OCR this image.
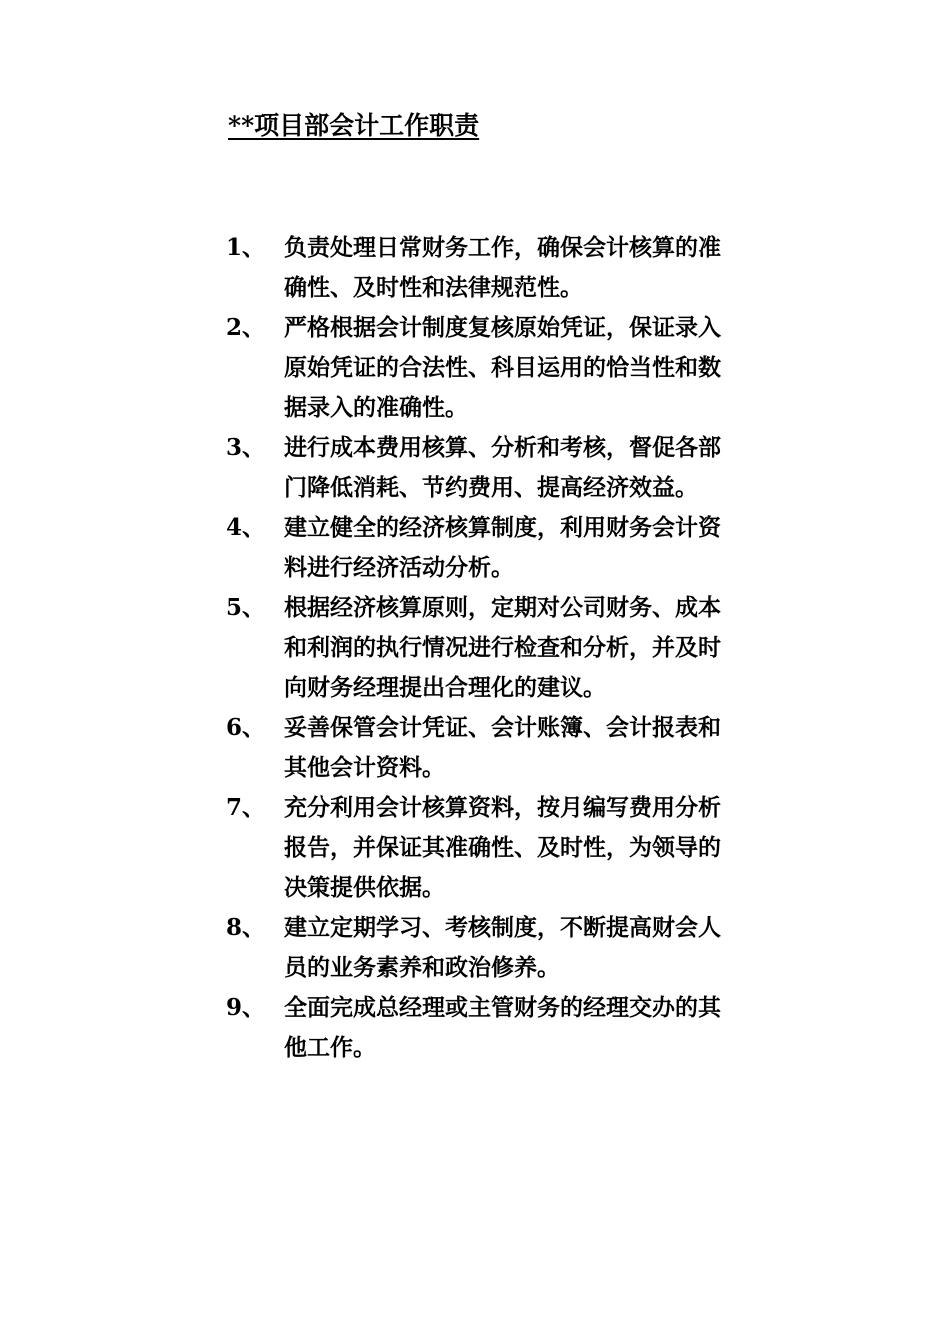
**项目部会计工作职责
1、 负责处理日常财务工作，确保会计核算的准确性、及时性和法律规范性。
2、 严格根据会计制度复核原始凭证，保证录入原始凭证的合法性、科目运用的恰当性和数据录入的准确性。
3、 进行成本费用核算、分析和考核，督促各部门降低消耗、节约费用、提高经济效益。
4、 建立健全的经济核算制度，利用财务会计资料进行经济活动分析。
5、 根据经济核算原则，定期对公司财务、成本和利润的执行情况进行检查和分析，并及时向财务经理提出合理化的建议。
6、 妥善保管会计凭证、会计账簿、会计报表和其他会计资料。
7、 充分利用会计核算资料，按月编写费用分析报告，并保证其准确性、及时性，为领导的决策提供依据。
8、 建立定期学习、考核制度，不断提高财会人员的业务素养和政治修养。
9、 全面完成总经理或主管财务的经理交办的其他工作。
